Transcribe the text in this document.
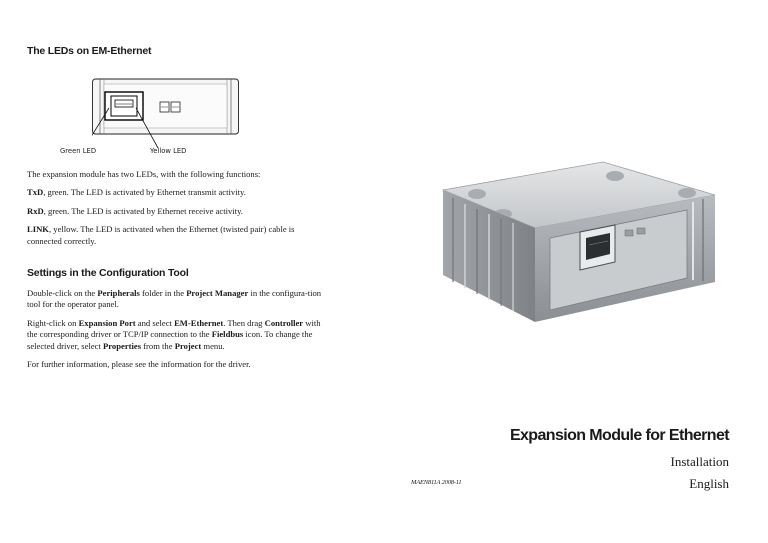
The LEDs on EM-Ethernet
Green LED	Yellow LED

The expansion module has two LEDs, with the following functions:

TxD, green. The LED is activated by Ethernet transmit activity.

RxD, green. The LED is activated by Ethernet receive activity.

LINK, yellow. The LED is activated when the Ethernet (twisted pair) cable is connected correctly.

Settings in the Configuration Tool

Double-click on the Peripherals folder in the Project Manager in the configura-tion tool for the operator panel.

Right-click on Expansion Port and select EM-Ethernet. Then drag Controller with the corresponding driver or TCP/IP connection to the Fieldbus icon. To change the selected driver, select Properties from the Project menu.

For further information, please see the information for the driver.

Expansion Module for Ethernet
Installation
English
MAEN811A 2008-11
